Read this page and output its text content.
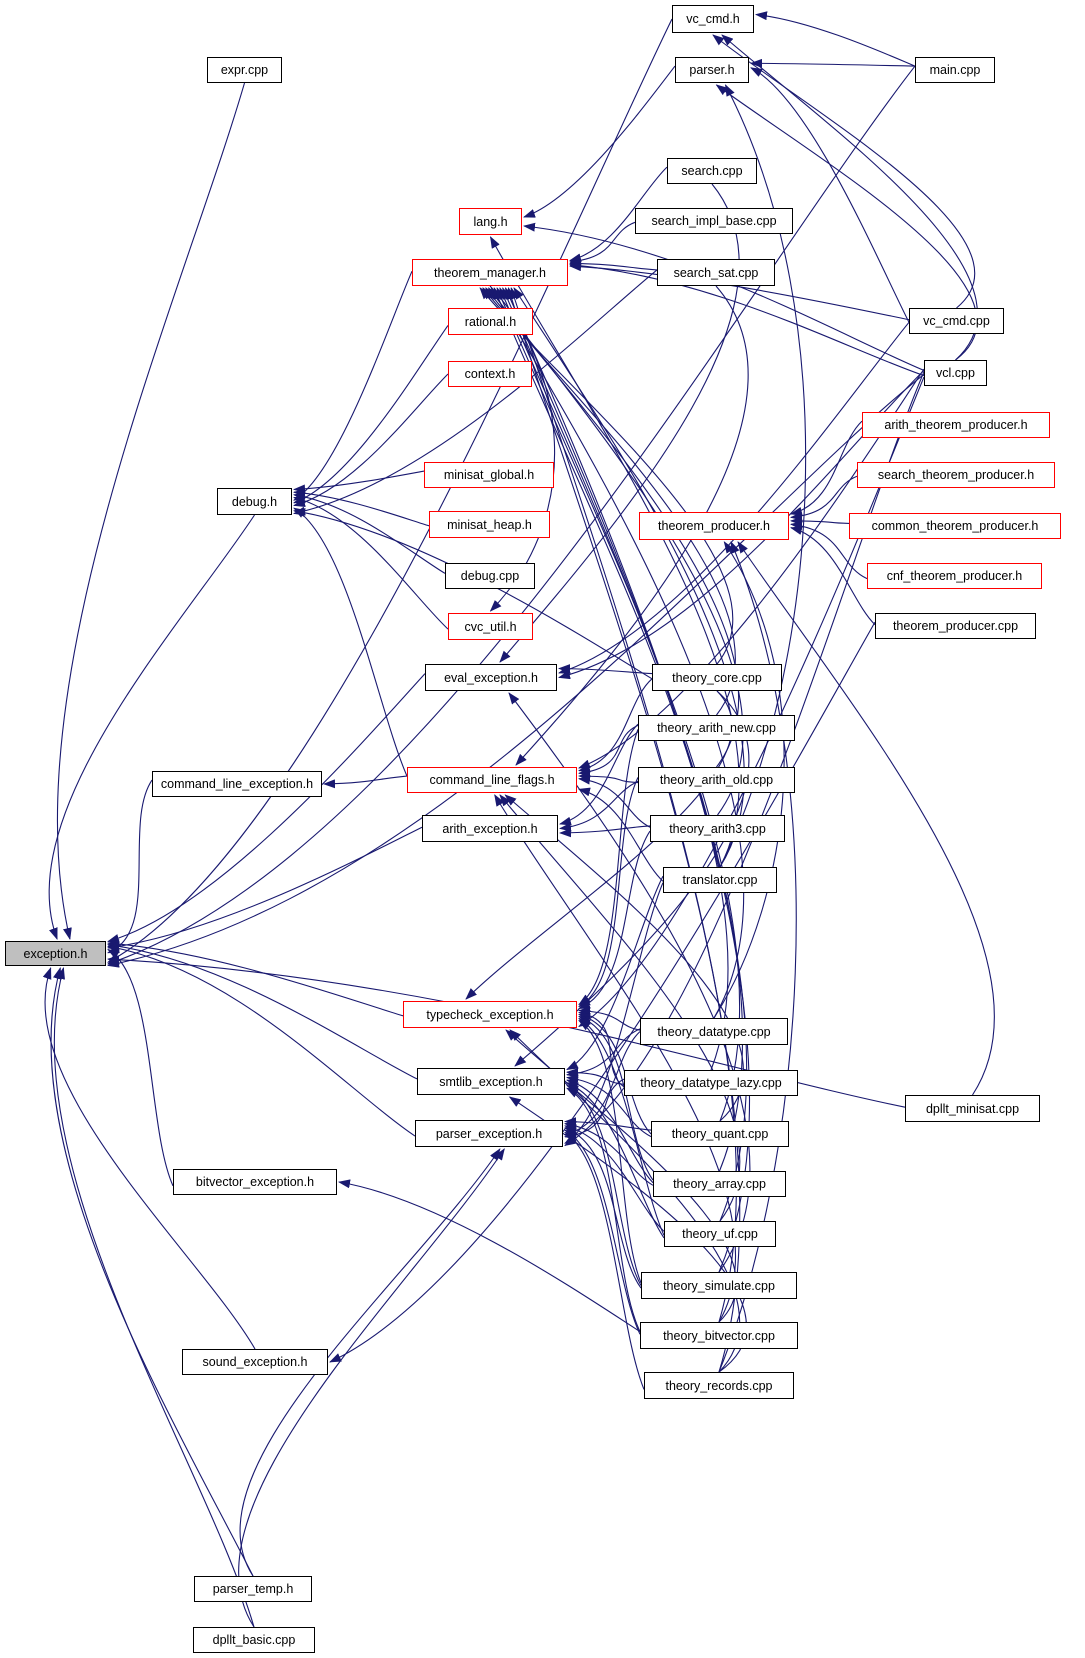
vc_cmd.h
expr.cpp	parser.h	main.cpp
search.cpp
lang.h	search_impl_base.cpp
theorem_manager.h	search_sat.cpp
rational.h	vc_cmd.cpp
context.h	vcl.cpp
arith_theorem_producer.h
minisat_global.h	search_theorem_producer.h
debug.h
minisat_heap.h	theorem_producer.h	common_theorem_producer.h
debug.cpp	cnf_theorem_producer.h
cvc_util.h	theorem_producer.cpp
eval_exception.h	theory_core.cpp
theory_arith_new.cpp
command_line_exception.h	command_line_flags.h	theory_arith_old.cpp
arith_exception.h	theory_arith3.cpp
translator.cpp
exception.h
typecheck_exception.h
theory_datatype.cpp
smtlib_exception.h	theory_datatype_lazy.cpp
dpllt_minisat.cpp
parser_exception.h	theory_quant.cpp
bitvector_exception.h	theory_array.cpp
theory_uf.cpp
theory_simulate.cpp
theory_bitvector.cpp
theory_records.cpp
sound_exception.h
parser_temp.h
dpllt_basic.cpp
